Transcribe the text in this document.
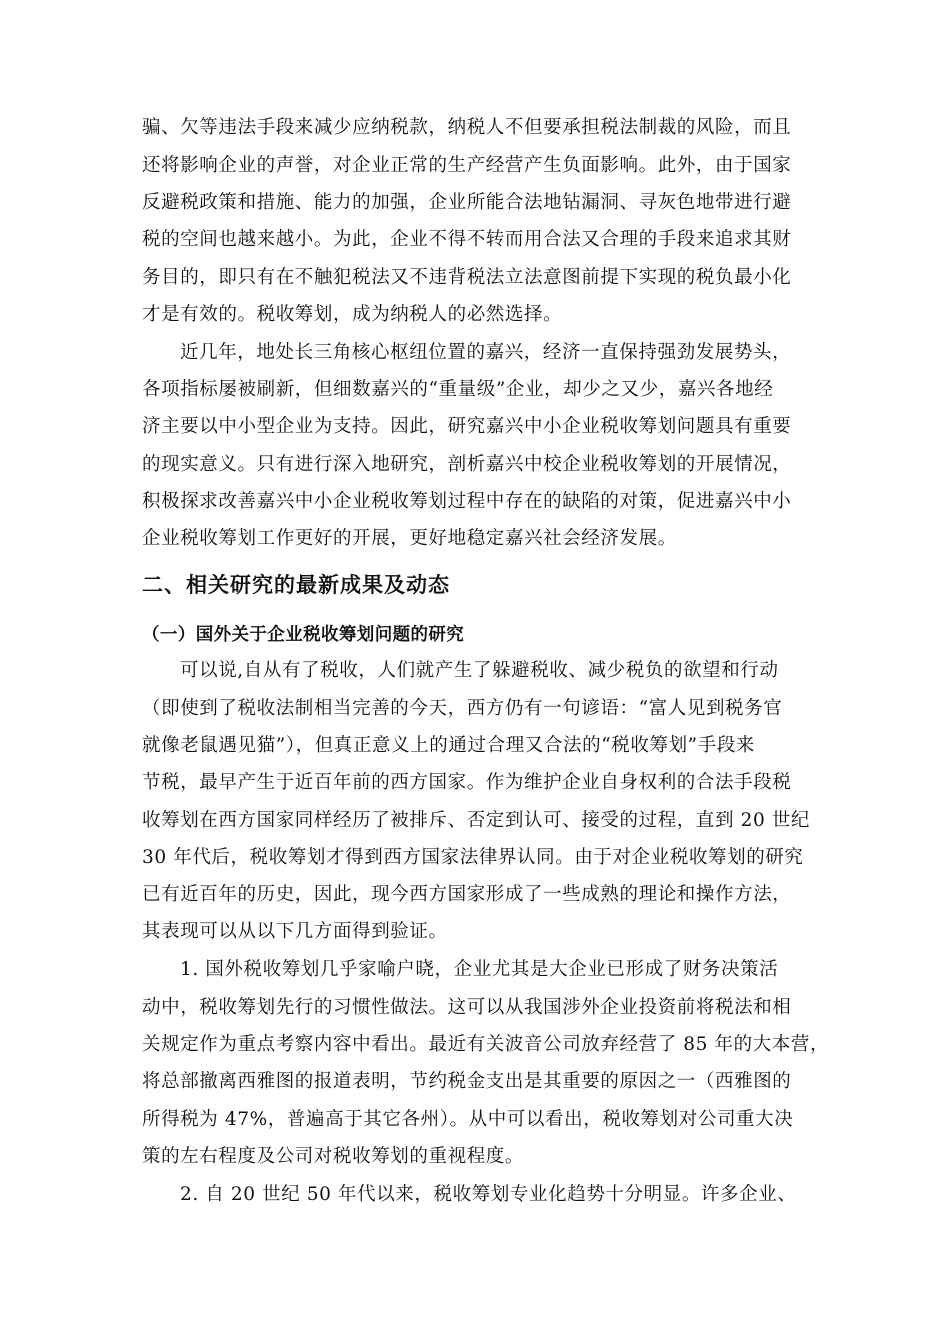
骗、欠等违法手段来减少应纳税款，纳税人不但要承担税法制裁的风险，而且
还将影响企业的声誉，对企业正常的生产经营产生负面影响。此外，由于国家
反避税政策和措施、能力的加强，企业所能合法地钻漏洞、寻灰色地带进行避
税的空间也越来越小。为此，企业不得不转而用合法又合理的手段来追求其财
务目的，即只有在不触犯税法又不违背税法立法意图前提下实现的税负最小化
才是有效的。税收筹划，成为纳税人的必然选择。
近几年，地处长三角核心枢纽位置的嘉兴，经济一直保持强劲发展势头，
各项指标屡被刷新，但细数嘉兴的“重量级”企业，却少之又少，嘉兴各地经
济主要以中小型企业为支持。因此，研究嘉兴中小企业税收筹划问题具有重要
的现实意义。只有进行深入地研究，剖析嘉兴中校企业税收筹划的开展情况，
积极探求改善嘉兴中小企业税收筹划过程中存在的缺陷的对策，促进嘉兴中小
企业税收筹划工作更好的开展，更好地稳定嘉兴社会经济发展。
二、相关研究的最新成果及动态
（一）国外关于企业税收筹划问题的研究
可以说,自从有了税收，人们就产生了躲避税收、减少税负的欲望和行动
（即使到了税收法制相当完善的今天，西方仍有一句谚语：“富人见到税务官
就像老鼠遇见猫”），但真正意义上的通过合理又合法的“税收筹划”手段来
节税，最早产生于近百年前的西方国家。作为维护企业自身权利的合法手段税
收筹划在西方国家同样经历了被排斥、否定到认可、接受的过程，直到 20 世纪
30 年代后，税收筹划才得到西方国家法律界认同。由于对企业税收筹划的研究
已有近百年的历史，因此，现今西方国家形成了一些成熟的理论和操作方法，
其表现可以从以下几方面得到验证。
1. 国外税收筹划几乎家喻户晓，企业尤其是大企业已形成了财务决策活
动中，税收筹划先行的习惯性做法。这可以从我国涉外企业投资前将税法和相
关规定作为重点考察内容中看出。最近有关波音公司放弃经营了 85 年的大本营，
将总部撤离西雅图的报道表明，节约税金支出是其重要的原因之一（西雅图的
所得税为 47%，普遍高于其它各州）。从中可以看出，税收筹划对公司重大决
策的左右程度及公司对税收筹划的重视程度。
2. 自 20 世纪 50 年代以来，税收筹划专业化趋势十分明显。许多企业、
